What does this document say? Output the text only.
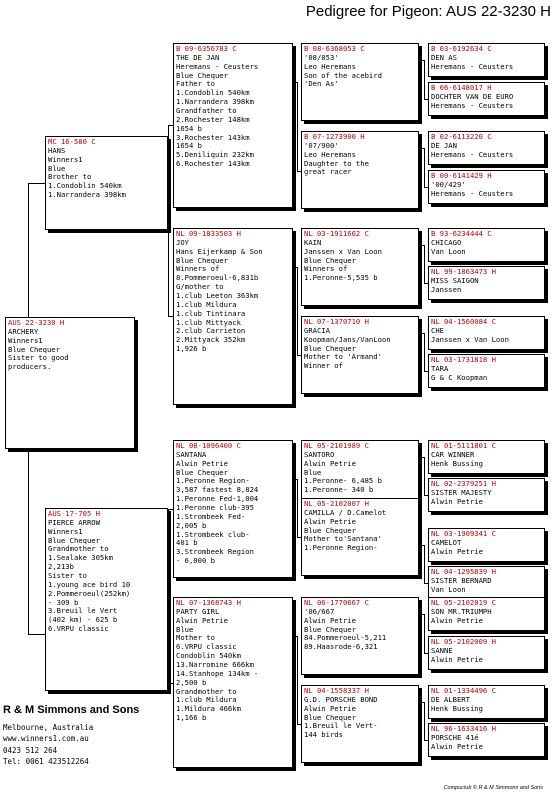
Pedigree for Pigeon: AUS 22-3230 H
AUS 22-3230 H
ARCHERY
Winners1
Blue Chequer
Sister to good
producers.
MC 16-580 C
HANS
Winners1
Blue
Brother to
1.Condoblin 540km
1.Narrandera 398km
AUS 17-705 H
PIERCE ARROW
Winners1
Blue Chequer
Grandmother to
1.Sealake 305km
2,213b
Sister to
1.young ace bird 10
2.Pommeroeul(252km)
- 309 b
3.Breuil le Vert
(402 km) - 625 b
6.VRPU classic
B 09-6356783 C
THE DE JAN
Heremans - Ceusters
Blue Chequer
Father to
1.Condoblin 540km
1.Narrandera 398km
Grandfather to
2.Rochester 148km
1654 b
3.Rochester 143km
1654 b
5.Deniliquin 232km
6.Rochester 143km
NL 09-1833503 H
JOY
Hans Eijerkamp & Son
Blue Chequer
Winners of
8.Pommeroeul-6,831b
G/mother to
1.club Leeton 363km
1.club Mildura
1.club Tintinara
1.club Mittyack
2.club Carrieton
2.Mittyack 352km
1,926 b
NL 08-1096400 C
SANTANA
Alwin Petrie
Blue Chequer
1.Peronne Region-
3,587 fastest 8,824
1.Peronne Fed-1,004
1.Peronne club-395
1.Strombeek Fed-
2,005 b
1.Strombeek club-
401 b
3.Strombeek Region
- 6,000 b
NL 07-1368743 H
PARTY GIRL
Alwin Petrie
Blue
Mother to
6.VRPU classic
Condoblin 540km
13.Narromine 666km
14.Stanhope 134km -
2,500 b
Grandmother to
1.club Mildura
1.Mildura 466km
1,166 b
B 08-6368053 C
'08/053'
Leo Heremans
Son of the acebird
'Den As'
B 07-1273900 H
'07/900'
Leo Heremans
Daughter to the
great racer
NL 03-1911662 C
KAIN
Janssen x Van Loon
Blue Chequer
Winners of
1.Peronne-5,535 b
NL 07-1370710 H
GRACIA
Koopman/Jans/VanLoon
Blue Chequer
Mother to 'Armand'
Winner of
NL 05-2101989 C
SANTORO
Alwin Petrie
Blue
1.Peronne- 6,485 b
1.Peronne- 340 b
NL 05-2102007 H
CAMILLA / D.Camelot
Alwin Petrie
Blue Chequer
Mother to'Santana'
1.Peronne Region-
NL 06-1770667 C
'06/667
Alwin Petrie
Blue Chequer
84.Pommeroeul-5,211
89.Haasrode-6,321
NL 04-1558337 H
G.D. PORSCHE BOND
Alwin Petrie
Blue Chequer
1.Breuil le Vert-
144 birds
B 03-6192634 C
DEN AS
Heremans - Ceusters
B 06-6148017 H
DOCHTER VAN DE EURO
Heremans - Ceusters
B 02-6113220 C
DE JAN
Heremans - Ceusters
B 00-6141429 H
'00/429'
Heremans - Ceusters
B 93-6234444 C
CHICAGO
Van Loon
NL 99-1863473 H
MISS SAIGON
Janssen
NL 04-1560084 C
CHE
Janssen x Van Loon
NL 03-1731818 H
TARA
G & C Koopman
NL 01-5111801 C
CAR WINNER
Henk Bussing
NL 02-2379251 H
SISTER MAJESTY
Alwin Petrie
NL 03-1909341 C
CAMELOT
Alwin Petrie
NL 04-1295839 H
SISTER BERNARD
Van Loon
NL 05-2102019 C
SON MR.TRIUMPH
Alwin Petrie
NL 05-2102009 H
SANNE
Alwin Petrie
NL 01-1334496 C
DE ALBERT
Henk Bussing
NL 96-1633416 H
PORSCHE 41é
Alwin Petrie
R & M Simmons and Sons
Melbourne, Australia
www.winners1.com.au
0423 512 264
Tel: 0061 423512264
Compuclub © R & M Simmons and Sons
